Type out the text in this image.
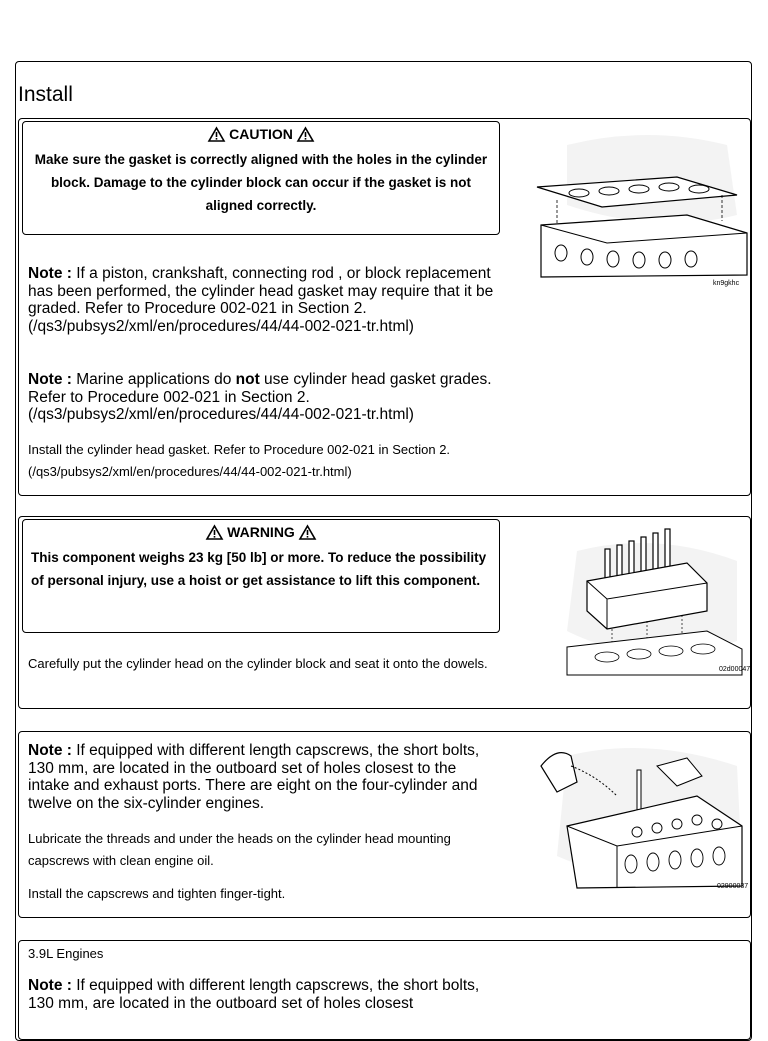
Install
CAUTION
Make sure the gasket is correctly aligned with the holes in the cylinder block. Damage to the cylinder block can occur if the gasket is not aligned correctly.
Note : If a piston, crankshaft, connecting rod , or block replacement has been performed, the cylinder head gasket may require that it be graded. Refer to Procedure 002-021 in Section 2. (/qs3/pubsys2/xml/en/procedures/44/44-002-021-tr.html)
Note : Marine applications do not use cylinder head gasket grades. Refer to Procedure 002-021 in Section 2. (/qs3/pubsys2/xml/en/procedures/44/44-002-021-tr.html)
Install the cylinder head gasket. Refer to Procedure 002-021 in Section 2. (/qs3/pubsys2/xml/en/procedures/44/44-002-021-tr.html)
kn9gkhc
WARNING
This component weighs 23 kg [50 lb] or more. To reduce the possibility of personal injury, use a hoist or get assistance to lift this component.
Carefully put the cylinder head on the cylinder block and seat it onto the dowels.	02d00047
Note : If equipped with different length capscrews, the short bolts, 130 mm, are located in the outboard set of holes closest to the intake and exhaust ports. There are eight on the four-cylinder and twelve on the six-cylinder engines.
Lubricate the threads and under the heads on the cylinder head mounting capscrews with clean engine oil.
Install the capscrews and tighten finger-tight.	02900037
3.9L Engines
Note : If equipped with different length capscrews, the short bolts, 130 mm, are located in the outboard set of holes closest
